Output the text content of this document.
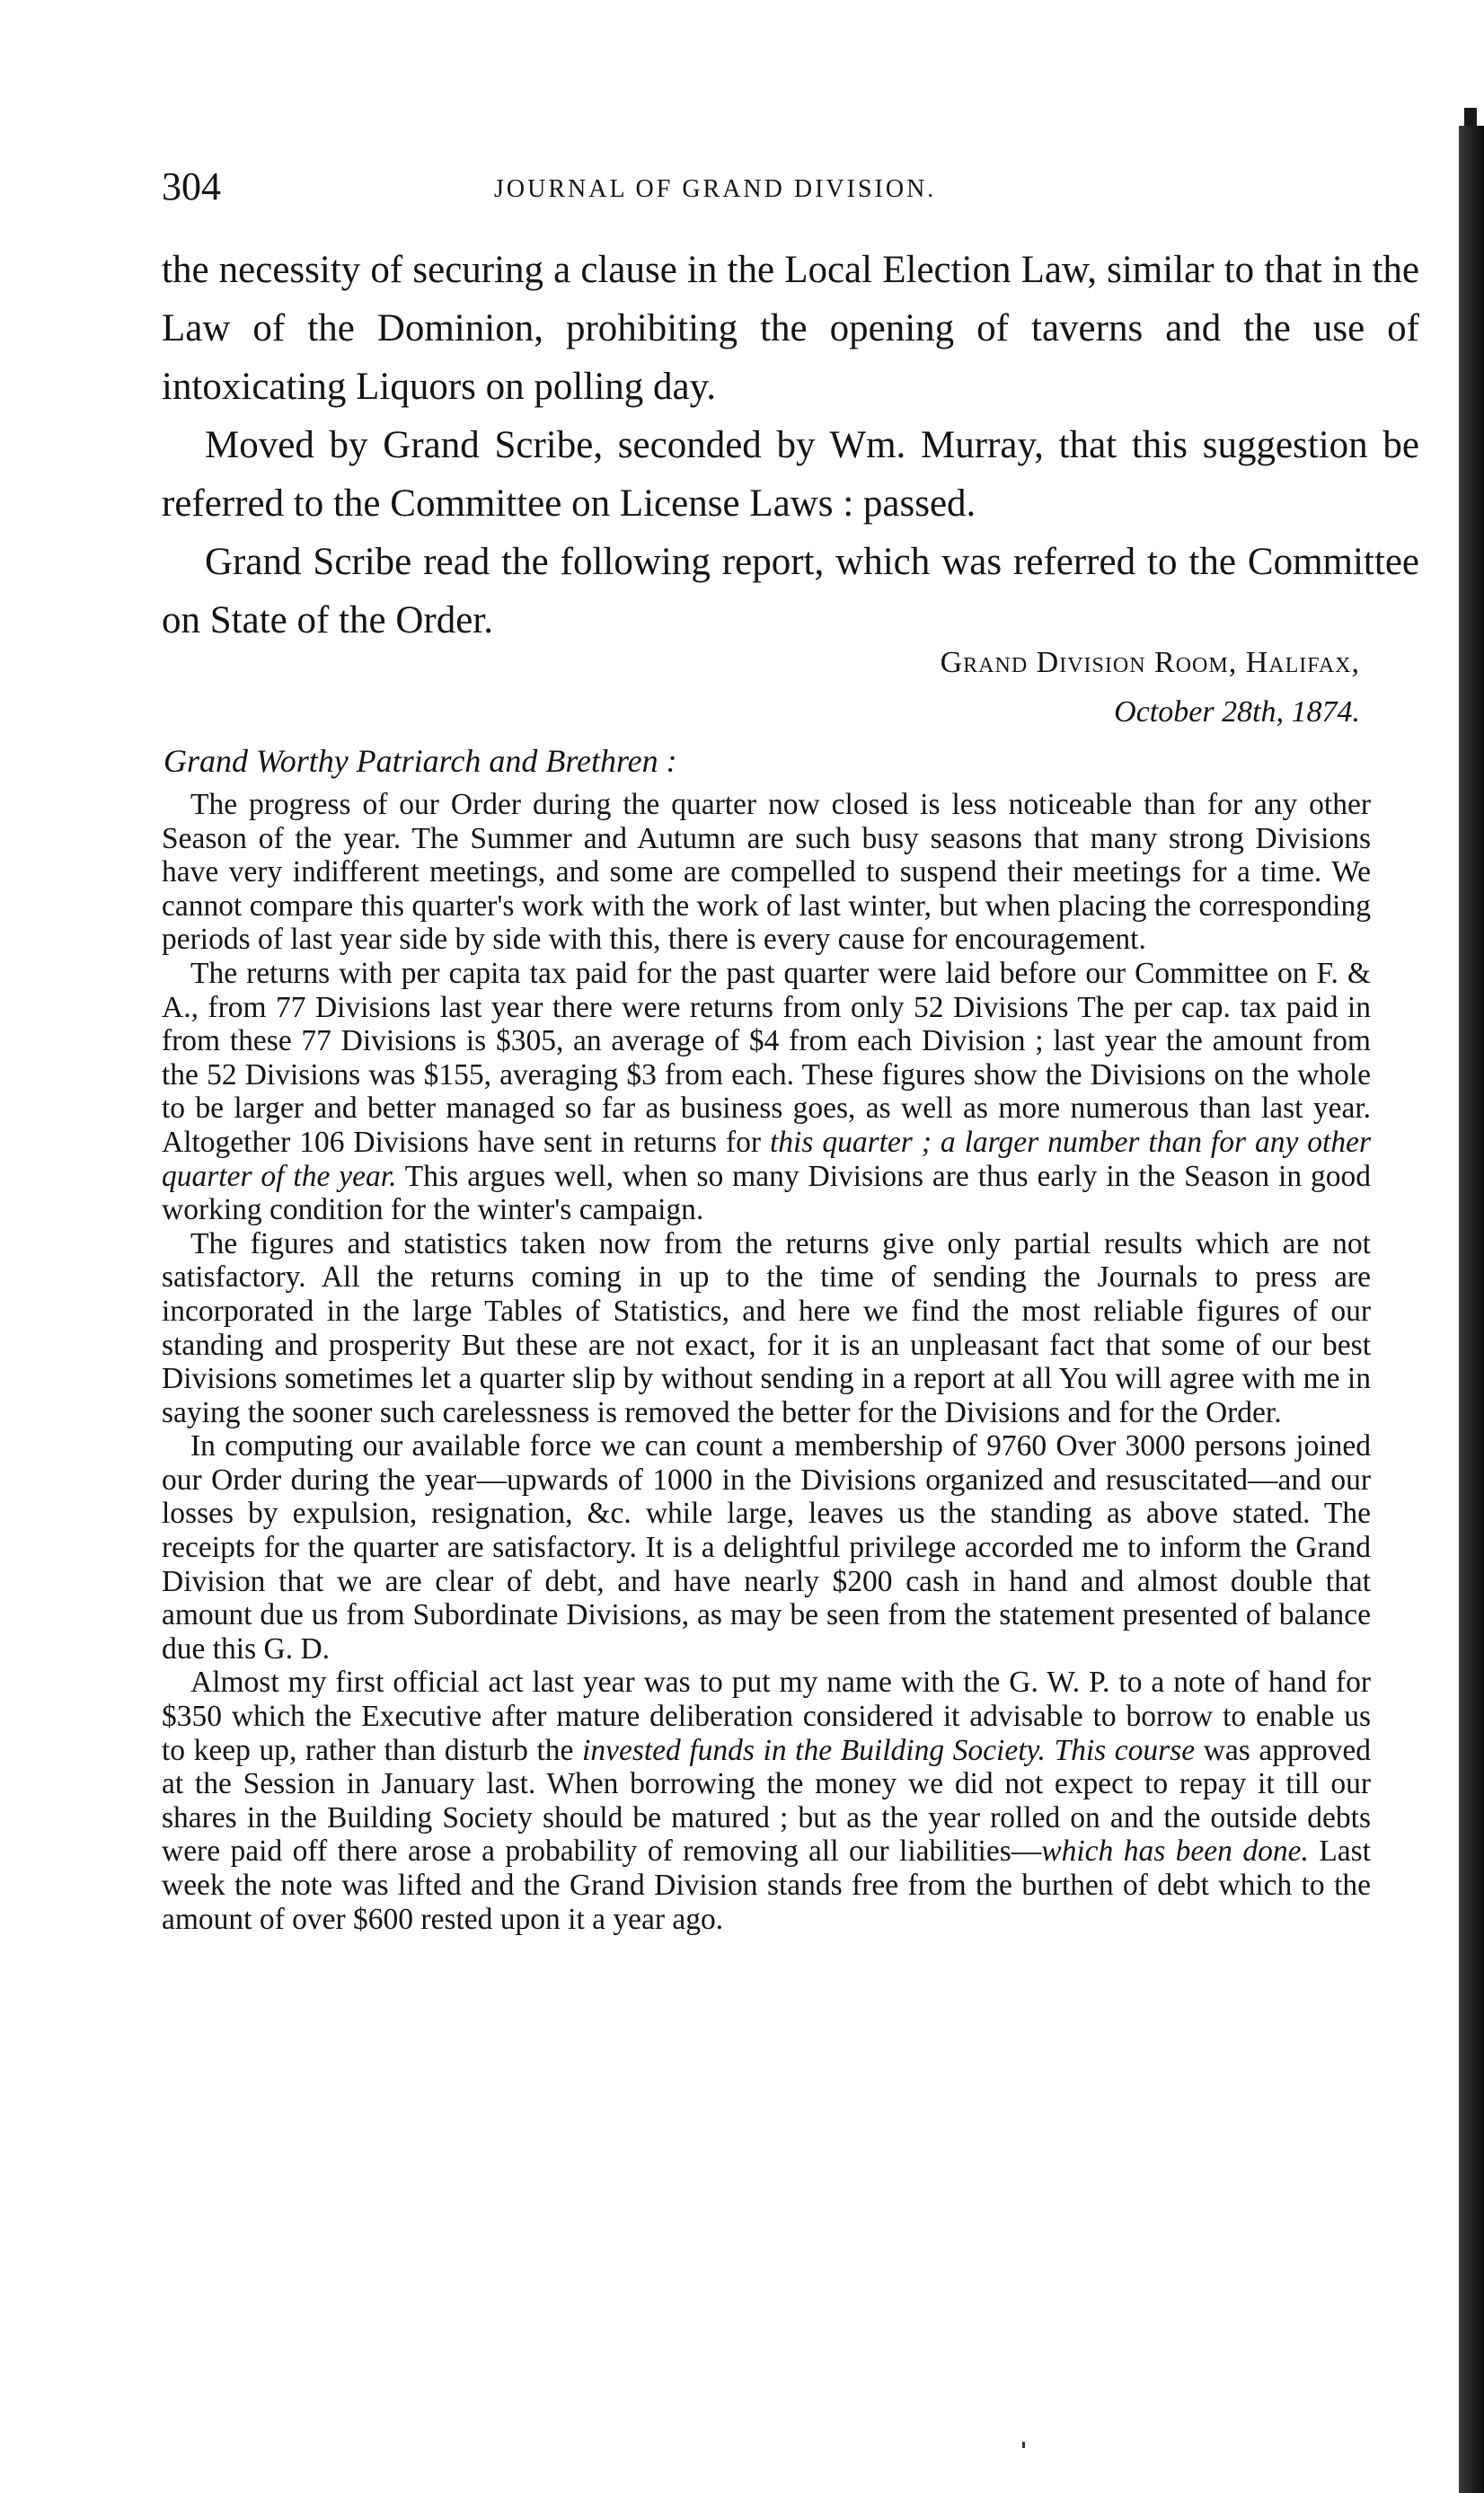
304	JOURNAL OF GRAND DIVISION.

the necessity of securing a clause in the Local Election Law, similar to that in the Law of the Dominion, prohibiting the opening of taverns and the use of intoxicating Liquors on polling day.

Moved by Grand Scribe, seconded by Wm. Murray, that this suggestion be referred to the Committee on License Laws : passed.

Grand Scribe read the following report, which was referred to the Committee on State of the Order.

Grand Division Room, Halifax,
October 28th, 1874.
Grand Worthy Patriarch and Brethren :

The progress of our Order during the quarter now closed is less noticeable than for any other Season of the year. The Summer and Autumn are such busy seasons that many strong Divisions have very indifferent meetings, and some are compelled to suspend their meetings for a time. We cannot compare this quarter's work with the work of last winter, but when placing the corresponding periods of last year side by side with this, there is every cause for encouragement.

The returns with per capita tax paid for the past quarter were laid before our Committee on F. & A., from 77 Divisions last year there were returns from only 52 Divisions The per cap. tax paid in from these 77 Divisions is $305, an average of $4 from each Division ; last year the amount from the 52 Divisions was $155, averaging $3 from each. These figures show the Divisions on the whole to be larger and better managed so far as business goes, as well as more numerous than last year. Altogether 106 Divisions have sent in returns for this quarter ; a larger number than for any other quarter of the year. This argues well, when so many Divisions are thus early in the Season in good working condition for the winter's campaign.

The figures and statistics taken now from the returns give only partial results which are not satisfactory. All the returns coming in up to the time of sending the Journals to press are incorporated in the large Tables of Statistics, and here we find the most reliable figures of our standing and prosperity But these are not exact, for it is an unpleasant fact that some of our best Divisions sometimes let a quarter slip by without sending in a report at all You will agree with me in saying the sooner such carelessness is removed the better for the Divisions and for the Order.

In computing our available force we can count a membership of 9760 Over 3000 persons joined our Order during the year—upwards of 1000 in the Divisions organized and resuscitated—and our losses by expulsion, resignation, &c. while large, leaves us the standing as above stated. The receipts for the quarter are satisfactory. It is a delightful privilege accorded me to inform the Grand Division that we are clear of debt, and have nearly $200 cash in hand and almost double that amount due us from Subordinate Divisions, as may be seen from the statement presented of balance due this G. D.

Almost my first official act last year was to put my name with the G. W. P. to a note of hand for $350 which the Executive after mature deliberation considered it advisable to borrow to enable us to keep up, rather than disturb the invested funds in the Building Society. This course was approved at the Session in January last. When borrowing the money we did not expect to repay it till our shares in the Building Society should be matured ; but as the year rolled on and the outside debts were paid off there arose a probability of removing all our liabilities—which has been done. Last week the note was lifted and the Grand Division stands free from the burthen of debt which to the amount of over $600 rested upon it a year ago.
